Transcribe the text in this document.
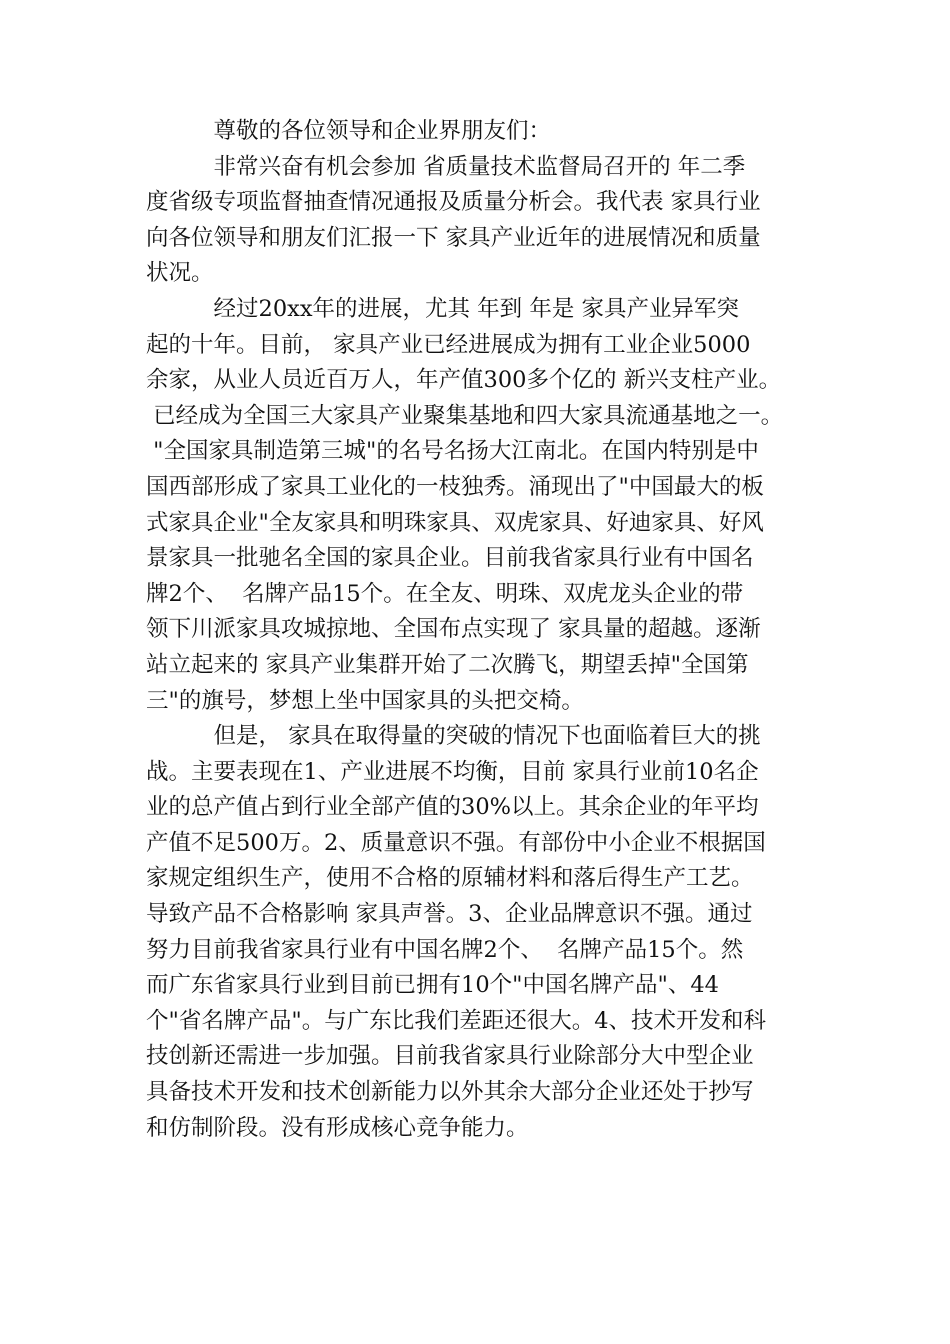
　　　尊敬的各位领导和企业界朋友们：
　　　非常兴奋有机会参加 省质量技术监督局召开的 年二季
度省级专项监督抽查情况通报及质量分析会。我代表 家具行业
向各位领导和朋友们汇报一下 家具产业近年的进展情况和质量
状况。
　　　经过20xx年的进展，尤其 年到 年是 家具产业异军突
起的十年。目前， 家具产业已经进展成为拥有工业企业5000
余家，从业人员近百万人，年产值300多个亿的 新兴支柱产业。
已经成为全国三大家具产业聚集基地和四大家具流通基地之一。
"全国家具制造第三城"的名号名扬大江南北。在国内特别是中
国西部形成了家具工业化的一枝独秀。涌现出了"中国最大的板
式家具企业"全友家具和明珠家具、双虎家具、好迪家具、好风
景家具一批驰名全国的家具企业。目前我省家具行业有中国名
牌2个、  名牌产品15个。在全友、明珠、双虎龙头企业的带
领下川派家具攻城掠地、全国布点实现了 家具量的超越。逐渐
站立起来的 家具产业集群开始了二次腾飞，期望丢掉"全国第
三"的旗号，梦想上坐中国家具的头把交椅。
　　　但是， 家具在取得量的突破的情况下也面临着巨大的挑
战。主要表现在1、产业进展不均衡，目前 家具行业前10名企
业的总产值占到行业全部产值的30%以上。其余企业的年平均
产值不足500万。2、质量意识不强。有部份中小企业不根据国
家规定组织生产，使用不合格的原辅材料和落后得生产工艺。
导致产品不合格影响 家具声誉。3、企业品牌意识不强。通过
努力目前我省家具行业有中国名牌2个、  名牌产品15个。然
而广东省家具行业到目前已拥有10个"中国名牌产品"、44
个"省名牌产品"。与广东比我们差距还很大。4、技术开发和科
技创新还需进一步加强。目前我省家具行业除部分大中型企业
具备技术开发和技术创新能力以外其余大部分企业还处于抄写
和仿制阶段。没有形成核心竞争能力。
